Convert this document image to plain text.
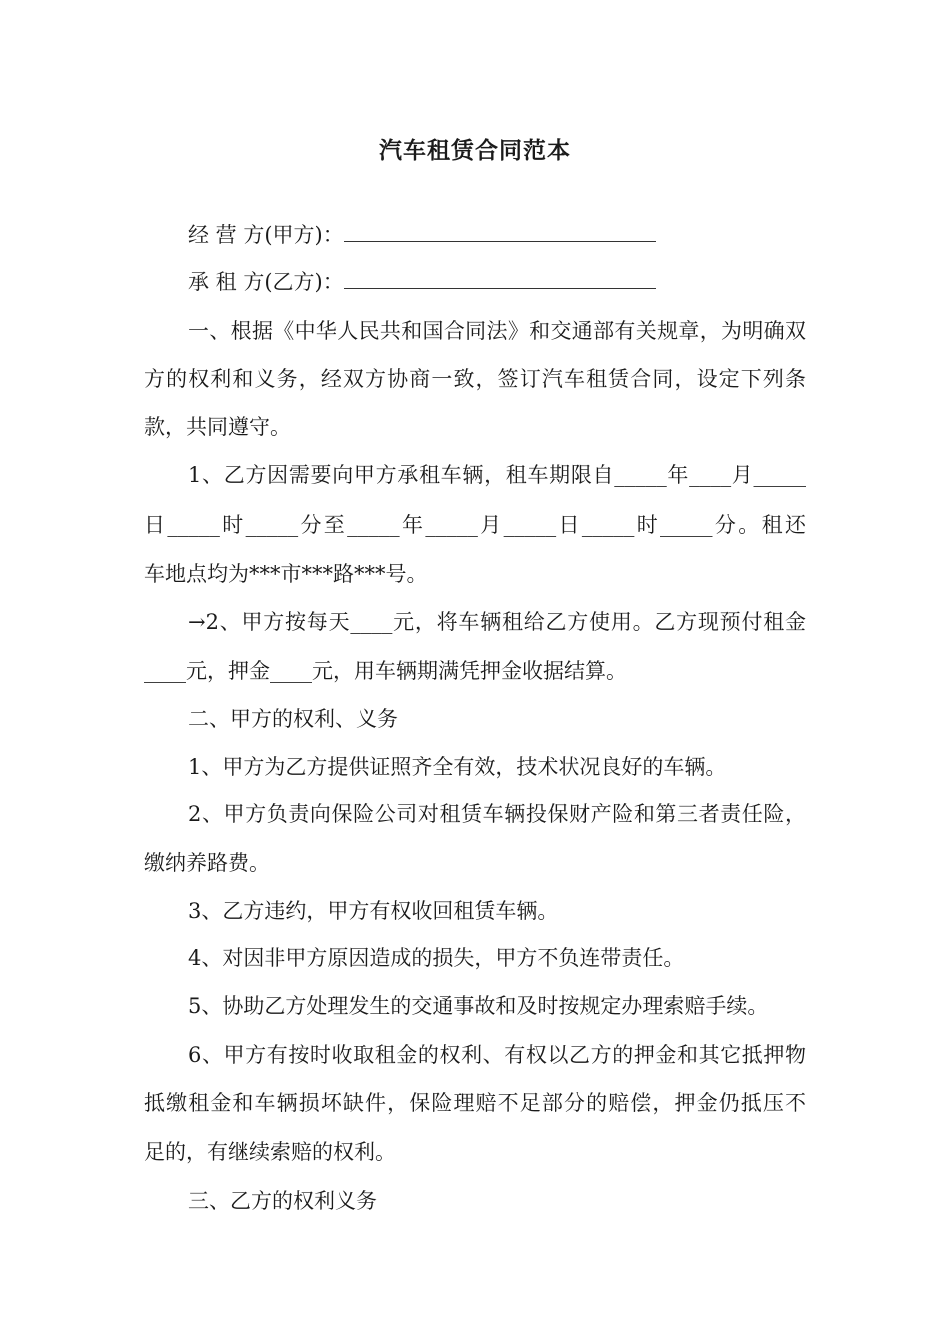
汽车租赁合同范本
经 营 方(甲方)：
承 租 方(乙方)：
一、根据《中华人民共和国合同法》和交通部有关规章，为明确双
方的权利和义务，经双方协商一致，签订汽车租赁合同，设定下列条
款，共同遵守。
1、乙方因需要向甲方承租车辆，租车期限自_____年____月_____
日_____时_____分至_____年_____月_____日_____时_____分。租还
车地点均为***市***路***号。
→2、甲方按每天____元，将车辆租给乙方使用。乙方现预付租金
____元，押金____元，用车辆期满凭押金收据结算。
二、甲方的权利、义务
1、甲方为乙方提供证照齐全有效，技术状况良好的车辆。
2、甲方负责向保险公司对租赁车辆投保财产险和第三者责任险，
缴纳养路费。
3、乙方违约，甲方有权收回租赁车辆。
4、对因非甲方原因造成的损失，甲方不负连带责任。
5、协助乙方处理发生的交通事故和及时按规定办理索赔手续。
6、甲方有按时收取租金的权利、有权以乙方的押金和其它抵押物
抵缴租金和车辆损坏缺件，保险理赔不足部分的赔偿，押金仍抵压不
足的，有继续索赔的权利。
三、乙方的权利义务
